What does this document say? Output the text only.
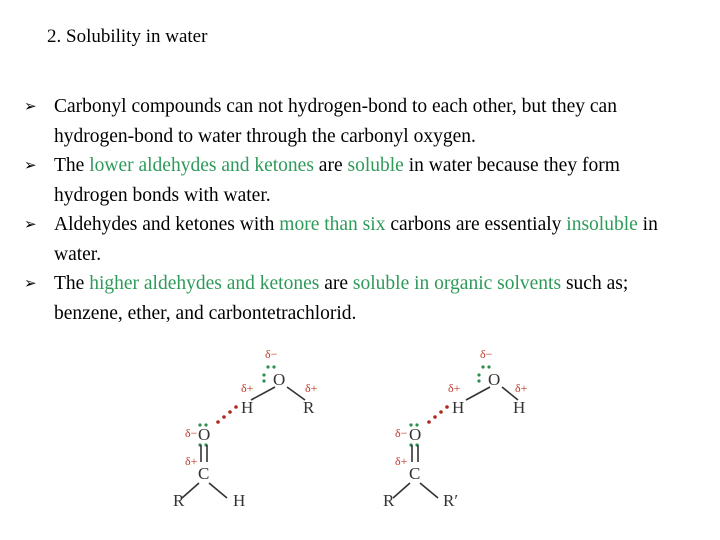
2. Solubility in water
➢ Carbonyl compounds can not hydrogen-bond to each other, but they can hydrogen-bond to water through the carbonyl oxygen.
➢ The lower aldehydes and ketones are soluble in water because they form hydrogen bonds with water.
➢ Aldehydes and ketones with more than six carbons are essentialy insoluble in water.
➢ The higher aldehydes and ketones are soluble in organic solvents such as; benzene, ether, and carbontetrachlorid.
δ−
O
δ+	δ+
H	R
δ− O
δ+
C
R	H
δ−
O
δ+	δ+
H	H
δ− O
δ+
C
R	R′
